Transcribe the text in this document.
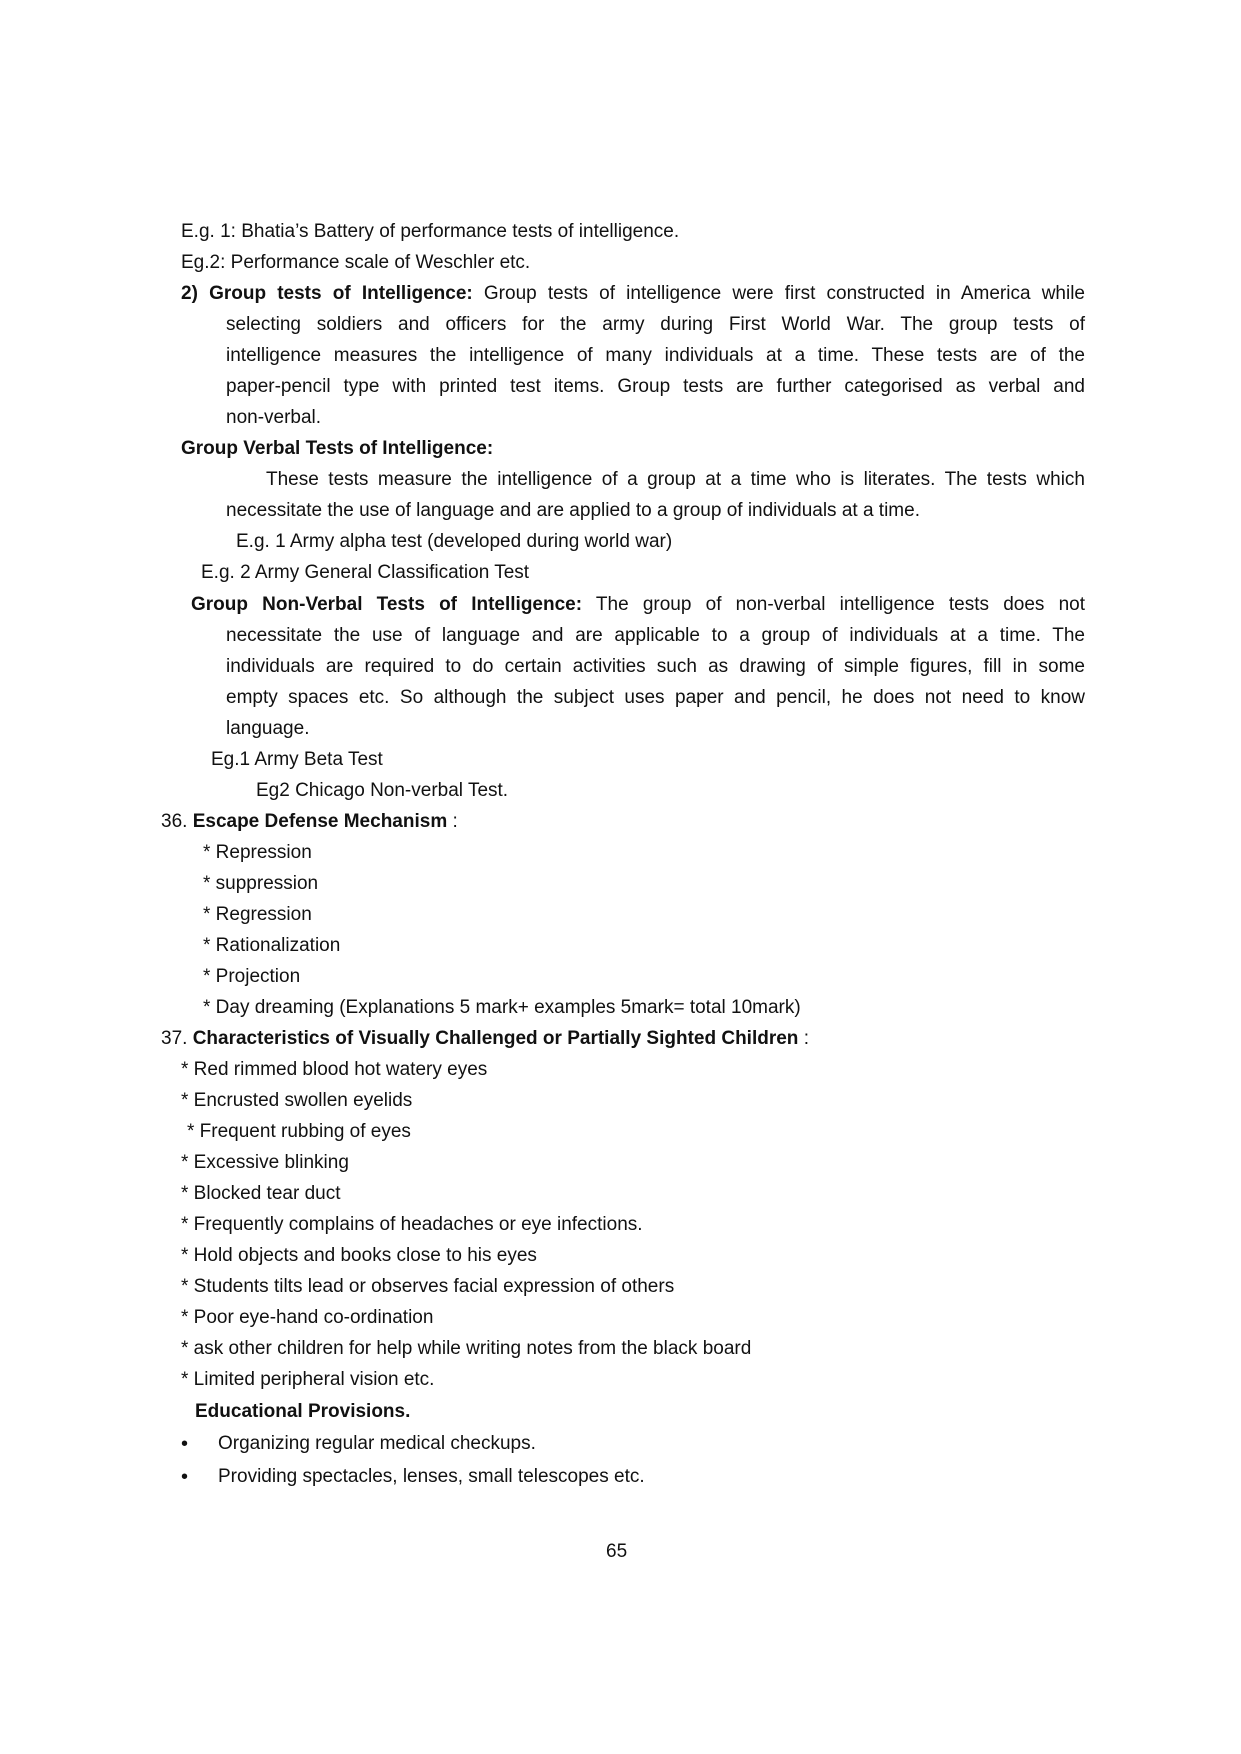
E.g. 1: Bhatia’s Battery of performance tests of intelligence.
Eg.2: Performance scale of Weschler etc.
2) Group tests of Intelligence: Group tests of intelligence were first constructed in America while
selecting soldiers and officers for the army during First World War. The group tests of
intelligence measures the intelligence of many individuals at a time. These tests are of the
paper-pencil type with printed test items. Group tests are further categorised as verbal and
non-verbal.
Group Verbal Tests of Intelligence:
These tests measure the intelligence of a group at a time who is literates. The tests which
necessitate the use of language and are applied to a group of individuals at a time.
E.g. 1 Army alpha test (developed during world war)
E.g. 2 Army General Classification Test
Group Non-Verbal Tests of Intelligence: The group of non-verbal intelligence tests does not
necessitate the use of language and are applicable to a group of individuals at a time. The
individuals are required to do certain activities such as drawing of simple figures, fill in some
empty spaces etc. So although the subject uses paper and pencil, he does not need to know
language.
Eg.1 Army Beta Test
Eg2 Chicago Non-verbal Test.
36. Escape Defense Mechanism :
* Repression
* suppression
* Regression
* Rationalization
* Projection
* Day dreaming (Explanations 5 mark+ examples 5mark= total 10mark)
37. Characteristics of Visually Challenged or Partially Sighted Children :
* Red rimmed blood hot watery eyes
* Encrusted swollen eyelids
* Frequent rubbing of eyes
* Excessive blinking
* Blocked tear duct
* Frequently complains of headaches or eye infections.
* Hold objects and books close to his eyes
* Students tilts lead or observes facial expression of others
* Poor eye-hand co-ordination
* ask other children for help while writing notes from the black board
* Limited peripheral vision etc.
Educational Provisions.
• Organizing regular medical checkups.
• Providing spectacles, lenses, small telescopes etc.
65
